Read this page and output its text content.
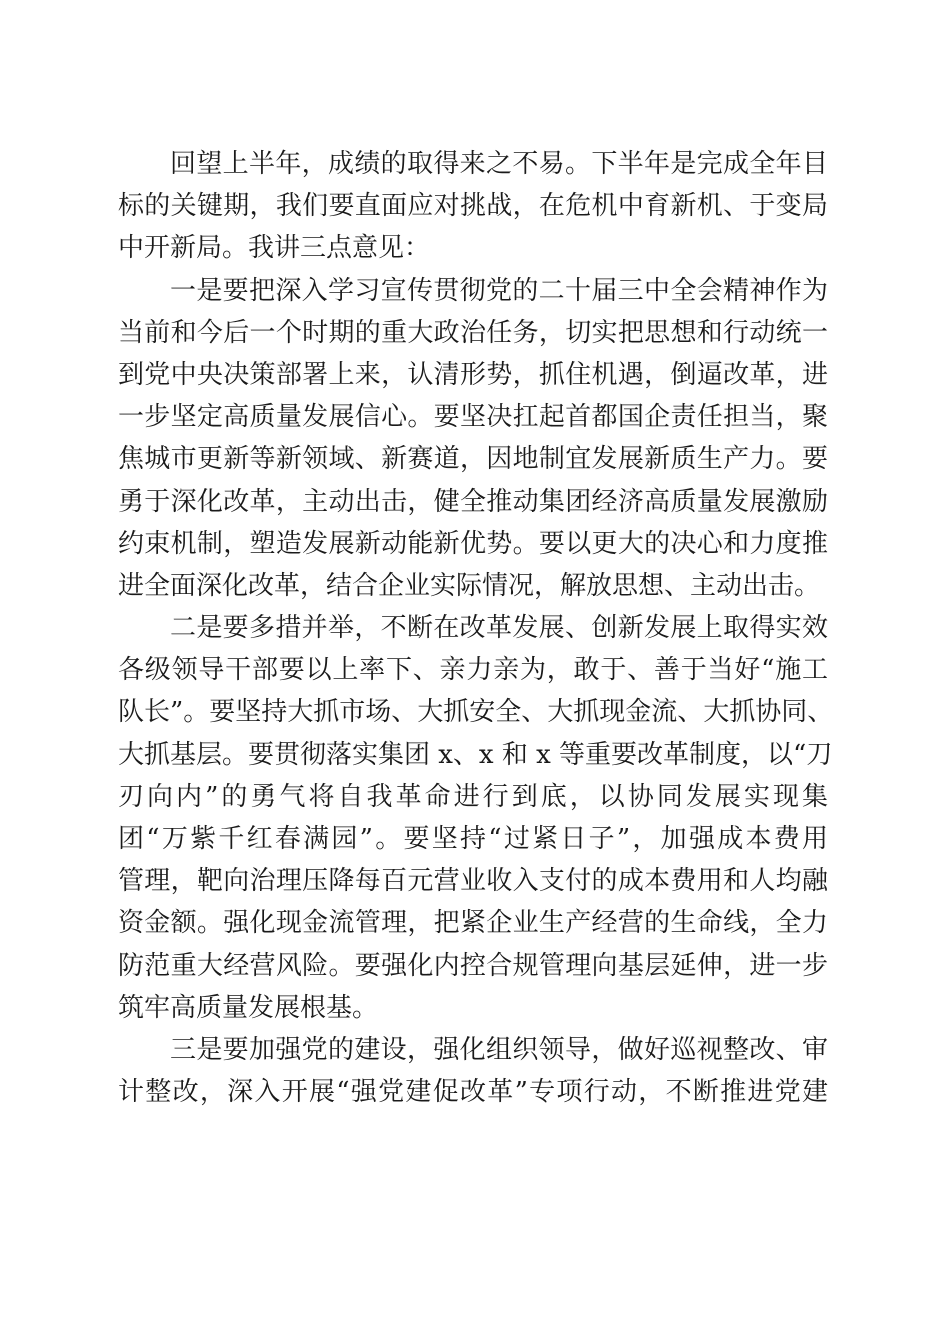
回望上半年，成绩的取得来之不易。下半年是完成全年目
标的关键期，我们要直面应对挑战，在危机中育新机、于变局
中开新局。我讲三点意见：
一是要把深入学习宣传贯彻党的二十届三中全会精神作为
当前和今后一个时期的重大政治任务，切实把思想和行动统一
到党中央决策部署上来，认清形势，抓住机遇，倒逼改革，进
一步坚定高质量发展信心。要坚决扛起首都国企责任担当，聚
焦城市更新等新领域、新赛道，因地制宜发展新质生产力。要
勇于深化改革，主动出击，健全推动集团经济高质量发展激励
约束机制，塑造发展新动能新优势。要以更大的决心和力度推
进全面深化改革，结合企业实际情况，解放思想、主动出击。
二是要多措并举，不断在改革发展、创新发展上取得实效
各级领导干部要以上率下、亲力亲为，敢于、善于当好“施工
队长”。要坚持大抓市场、大抓安全、大抓现金流、大抓协同、
大抓基层。要贯彻落实集团 x、x 和 x 等重要改革制度，以“刀
刃向内”的勇气将自我革命进行到底，以协同发展实现集
团“万紫千红春满园”。要坚持“过紧日子”，加强成本费用
管理，靶向治理压降每百元营业收入支付的成本费用和人均融
资金额。强化现金流管理，把紧企业生产经营的生命线，全力
防范重大经营风险。要强化内控合规管理向基层延伸，进一步
筑牢高质量发展根基。
三是要加强党的建设，强化组织领导，做好巡视整改、审
计整改，深入开展“强党建促改革”专项行动，不断推进党建
